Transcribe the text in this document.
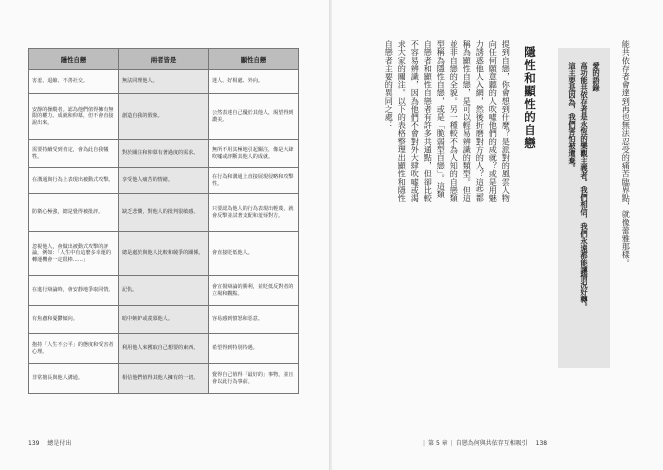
隱性自戀	兩者皆是	顯性自戀
害羞、退縮、不善社交。	無法同理他人。	迷人、好相處、外向。
安靜的操縱者。認為他們值得擁有無限的權力、成就和仰慕，但不會直接說出來。	創造自我的假象。	公然表達自己優於其他人，渴望得到讚美。
需要持續受到肯定，會為此自我犧牲。	對於關注和仰慕有著過度的需求。	無所不用其極地引起關注，像是大肆吹嘘或評斷其他人的成就。
在溝通與行為上表現出被動式攻擊。	享受他人痛苦的情緒。	在行為和溝通上直接展現侵略和攻擊性。
防衛心極強，總是覺得被批評。	缺乏悲憫，對他人的批判很敏感。	只要認為他人的行為表現出輕蔑，就會反擊並試著支配和羞辱對方。
忽視他人，會做出被動式攻擊的評論，例如：「人生中有這麼多幸運的轉運機會一定很棒……」	總是處於與他人比較和競爭的關係。	會直接貶低他人。
在進行辯論時，會安靜地爭取同情。	記仇。	會宣揚辯論的勝利，並貶低反對者的立場和觀點。
有焦慮和憂鬱傾向。	暗中嫉妒或羨慕他人。	容易感到憤怒和惡意。
抱持「人生不公平」的態度和受害者心理。	利用他人來獲取自己想要的東西。	希望得到特別待遇。
非常擅長與他人溝通。	相信他們值得其他人擁有的一切。	覺得自己值得「最好的」事物，並且會以此行為事前。
139 總是付出
能共依存者會達到再也無法忍受的痛苦臨界點，就像蕾雅那樣。
愛的語錄
高功能共依存者是永恆的樂觀主義者。我們相信，我們永遠都能讓情況好轉。
這主要是因為，我們害怕被遺棄。
隱性和顯性的自戀
提到自戀，你會想到什麼？是派對的風雲人物
向任何願意聽的人吹噓他們的成就？或是用魅
力誘惑他人入網，然後折磨對方的人？這些都
稱為顯性自戀，是可以輕易辨識的類型。但這
並非自戀的全貌。另一種較不為人知的自戀類
型稱為隱性自戀，或是「脆弱型自戀」。這類
自戀者和顯性自戀者有許多共通點，但卻比較
不容易辨識，因為他們不會對外大肆吹嘘或渴
求大家的關注。以下的表格整理出顯性和隱性
自戀者主要的異同之處：
| 第 5 章 | 自戀為何與共依存互相吸引 138
